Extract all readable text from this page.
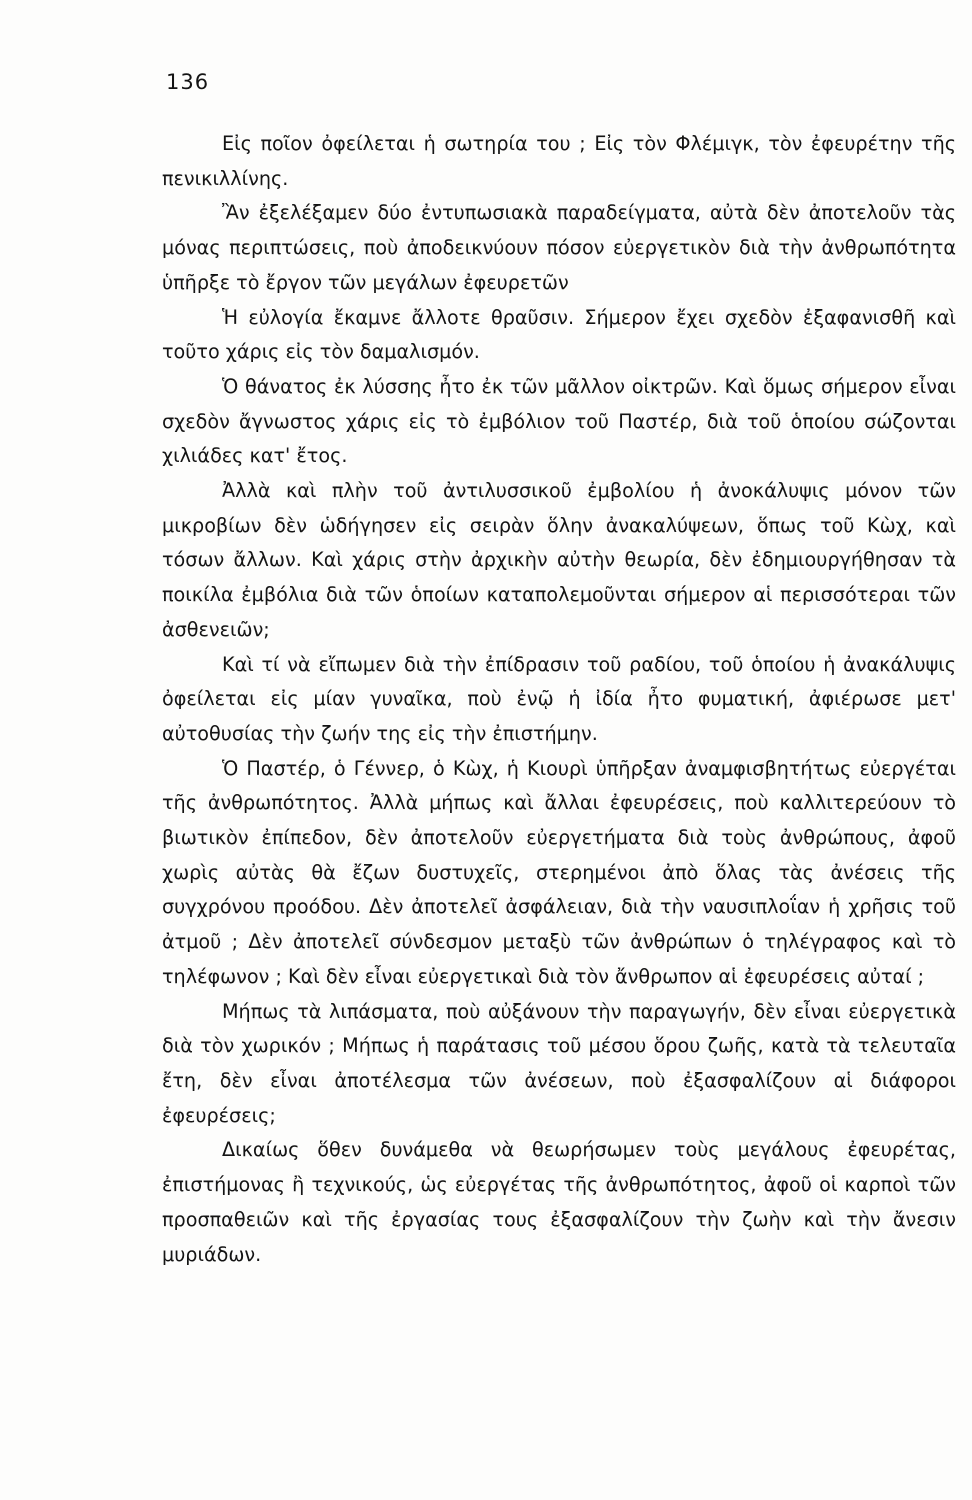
136

Εἰς ποῖον ὀφείλεται ἡ σωτηρία του ; Εἰς τὸν Φλέμιγκ, τὸν ἐφευρέτην τῆς πενικιλλίνης.

Ἂν ἐξελέξαμεν δύο ἐντυπωσιακὰ παραδείγματα, αὐτὰ δὲν ἀποτελοῦν τὰς μόνας περιπτώσεις, ποὺ ἀποδεικνύουν πόσον εὐεργετικὸν διὰ τὴν ἀνθρωπότητα ὑπῆρξε τὸ ἔργον τῶν μεγάλων ἐφευρετῶν

Ἡ εὐλογία ἔκαμνε ἄλλοτε θραῦσιν. Σήμερον ἔχει σχεδὸν ἐξαφανισθῆ καὶ τοῦτο χάρις εἰς τὸν δαμαλισμόν.

Ὁ θάνατος ἐκ λύσσης ἦτο ἐκ τῶν μᾶλλον οἰκτρῶν. Καὶ ὅμως σήμερον εἶναι σχεδὸν ἄγνωστος χάρις εἰς τὸ ἐμβόλιον τοῦ Παστέρ, διὰ τοῦ ὁποίου σώζονται χιλιάδες κατ' ἔτος.

Ἀλλὰ καὶ πλὴν τοῦ ἀντιλυσσικοῦ ἐμβολίου ἡ ἀνοκάλυψις μόνον τῶν μικροβίων δὲν ὡδήγησεν εἰς σειρὰν ὅλην ἀνακαλύψεων, ὅπως τοῦ Κὼχ, καὶ τόσων ἄλλων. Καὶ χάρις στὴν ἀρχικὴν αὐτὴν θεωρία, δὲν ἐδημιουργήθησαν τὰ ποικίλα ἐμβόλια διὰ τῶν ὁποίων καταπολεμοῦνται σήμερον αἱ περισσότεραι τῶν ἀσθενειῶν;

Καὶ τί νὰ εἴπωμεν διὰ τὴν ἐπίδρασιν τοῦ ραδίου, τοῦ ὁποίου ἡ ἀνακάλυψις ὀφείλεται εἰς μίαν γυναῖκα, ποὺ ἐνῷ ἡ ἰδία ἦτο φυματική, ἀφιέρωσε μετ' αὐτοθυσίας τὴν ζωήν της εἰς τὴν ἐπιστήμην.

Ὁ Παστέρ, ὁ Γέννερ, ὁ Κὼχ, ἡ Κιουρὶ ὑπῆρξαν ἀναμφισβητήτως εὐεργέται τῆς ἀνθρωπότητος. Ἀλλὰ μήπως καὶ ἄλλαι ἐφευρέσεις, ποὺ καλλιτερεύουν τὸ βιωτικὸν ἐπίπεδον, δὲν ἀποτελοῦν εὐεργετήματα διὰ τοὺς ἀνθρώπους, ἀφοῦ χωρὶς αὐτὰς θὰ ἔζων δυστυχεῖς, στερημένοι ἀπὸ ὅλας τὰς ἀνέσεις τῆς συγχρόνου προόδου. Δὲν ἀποτελεῖ ἀσφάλειαν, διὰ τὴν ναυσιπλοΐαν ἡ χρῆσις τοῦ ἀτμοῦ ; Δὲν ἀποτελεῖ σύνδεσμον μεταξὺ τῶν ἀνθρώπων ὁ τηλέγραφος καὶ τὸ τηλέφωνον ; Καὶ δὲν εἶναι εὐεργετικαὶ διὰ τὸν ἄνθρωπον αἱ ἐφευρέσεις αὐταί ;

Μήπως τὰ λιπάσματα, ποὺ αὐξάνουν τὴν παραγωγήν, δὲν εἶναι εὐεργετικὰ διὰ τὸν χωρικόν ; Μήπως ἡ παράτασις τοῦ μέσου ὅρου ζωῆς, κατὰ τὰ τελευταῖα ἔτη, δὲν εἶναι ἀποτέλεσμα τῶν ἀνέσεων, ποὺ ἐξασφαλίζουν αἱ διάφοροι ἐφευρέσεις;

Δικαίως ὅθεν δυνάμεθα νὰ θεωρήσωμεν τοὺς μεγάλους ἐφευρέτας, ἐπιστήμονας ἢ τεχνικούς, ὡς εὐεργέτας τῆς ἀνθρωπότητος, ἀφοῦ οἱ καρποὶ τῶν προσπαθειῶν καὶ τῆς ἐργασίας τους ἐξασφαλίζουν τὴν ζωὴν καὶ τὴν ἄνεσιν μυριάδων.
